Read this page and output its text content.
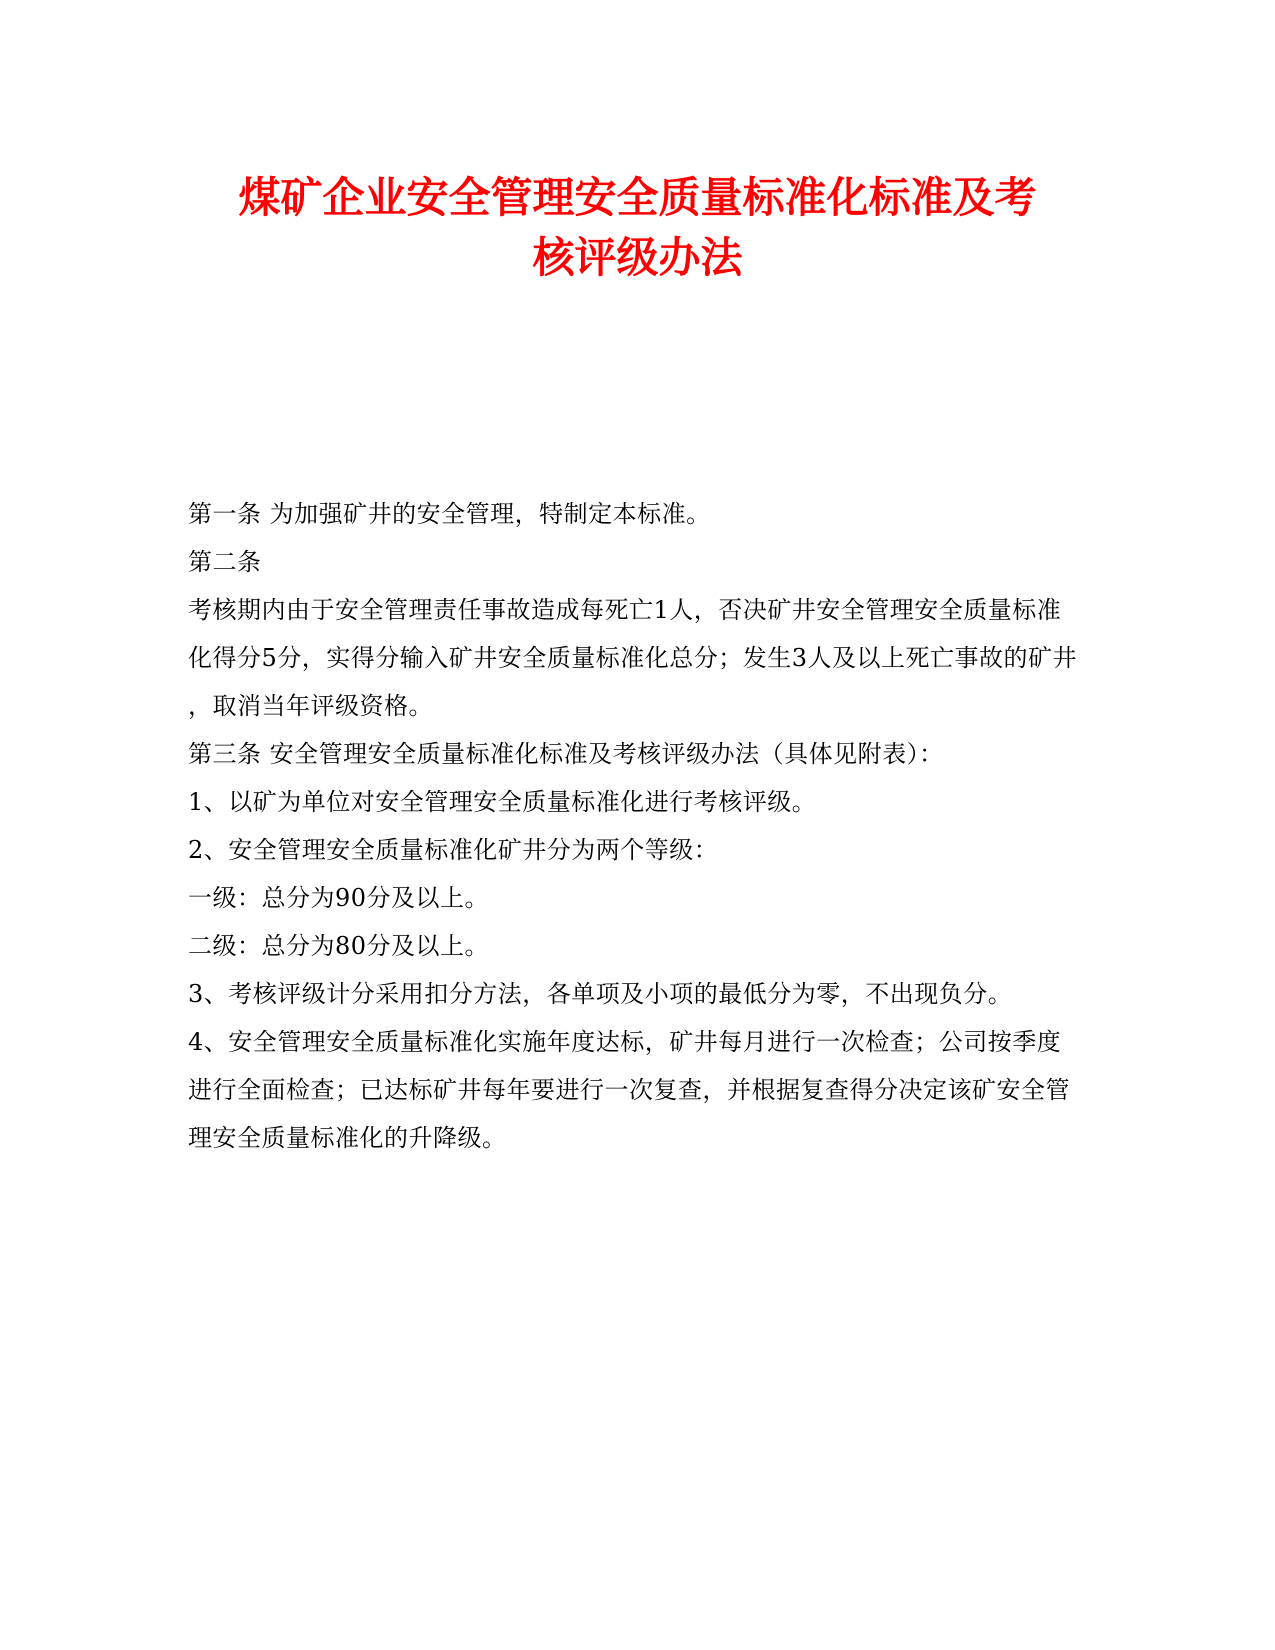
煤矿企业安全管理安全质量标准化标准及考
核评级办法

第一条 为加强矿井的安全管理，特制定本标准。

第二条

考核期内由于安全管理责任事故造成每死亡1人，否决矿井安全管理安全质量标准

化得分5分，实得分输入矿井安全质量标准化总分；发生3人及以上死亡事故的矿井

，取消当年评级资格。

第三条 安全管理安全质量标准化标准及考核评级办法（具体见附表）：

1、以矿为单位对安全管理安全质量标准化进行考核评级。

2、安全管理安全质量标准化矿井分为两个等级：

一级：总分为90分及以上。

二级：总分为80分及以上。

3、考核评级计分采用扣分方法，各单项及小项的最低分为零，不出现负分。

4、安全管理安全质量标准化实施年度达标，矿井每月进行一次检查；公司按季度

进行全面检查；已达标矿井每年要进行一次复查，并根据复查得分决定该矿安全管

理安全质量标准化的升降级。
